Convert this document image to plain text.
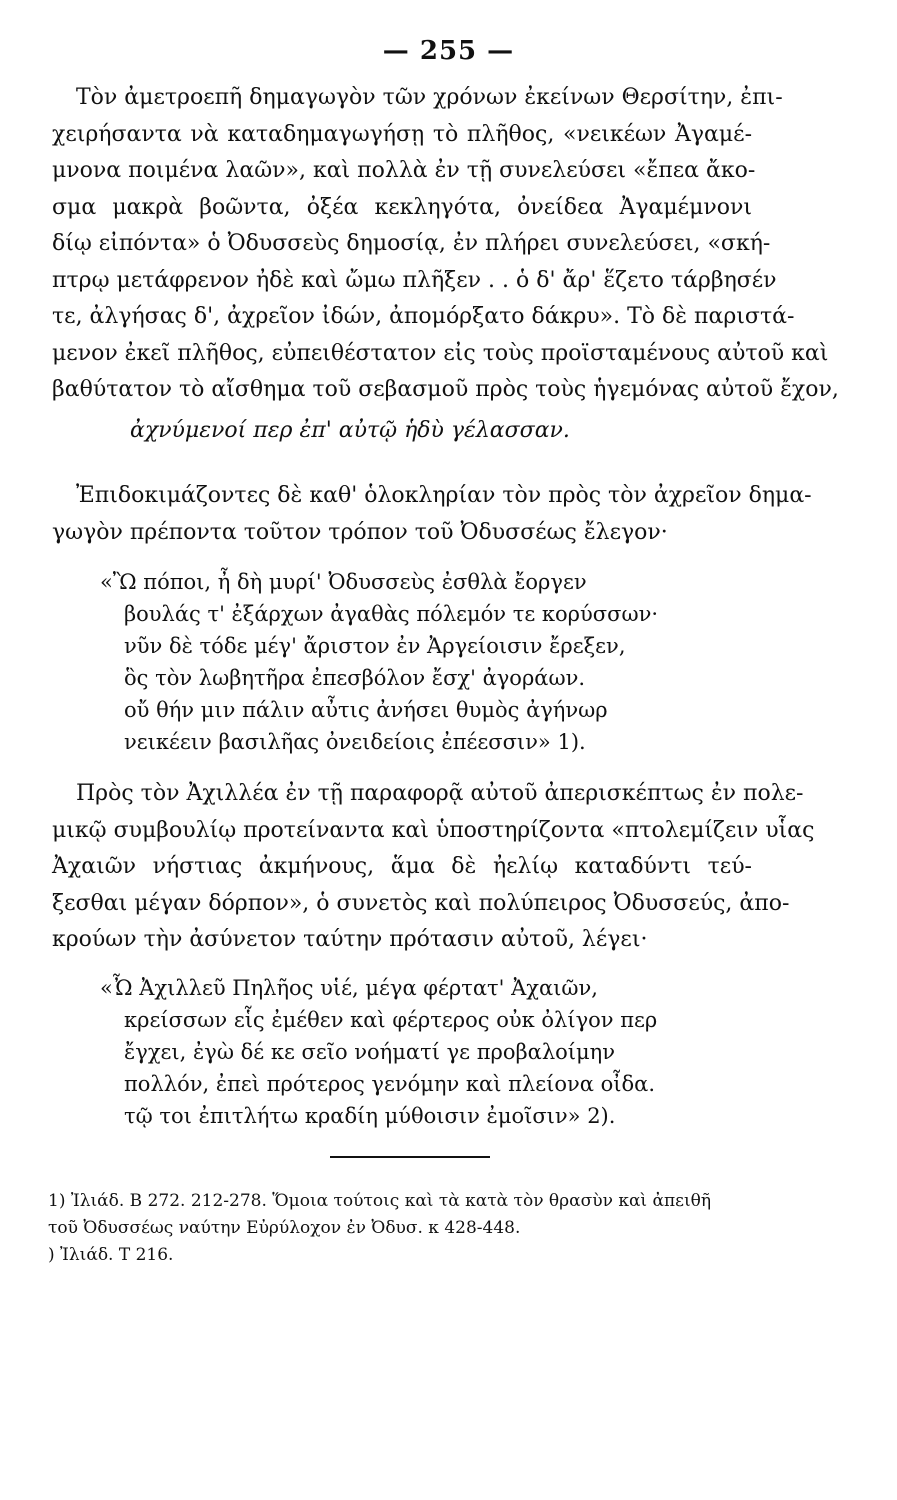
— 255 —
Τὸν ἀμετροεπῆ δημαγωγὸν τῶν χρόνων ἐκείνων Θερσίτην, ἐπι-
χειρήσαντα νὰ καταδημαγωγήσῃ τὸ πλῆθος, «νεικέων Ἀγαμέ-
μνονα ποιμένα λαῶν», καὶ πολλὰ ἐν τῇ συνελεύσει «ἔπεα ἄκο-
σμα μακρὰ βοῶντα, ὀξέα κεκληγότα, ὀνείδεα Ἀγαμέμνονι
δίῳ εἰπόντα» ὁ Ὀδυσσεὺς δημοσίᾳ, ἐν πλήρει συνελεύσει, «σκή-
πτρῳ μετάφρενον ἠδὲ καὶ ὤμω πλῆξεν . . ὁ δ' ἄρ' ἕζετο τάρβησέν
τε, ἀλγήσας δ', ἀχρεῖον ἰδών, ἀπομόρξατο δάκρυ». Τὸ δὲ παριστά-
μενον ἐκεῖ πλῆθος, εὐπειθέστατον εἰς τοὺς προϊσταμένους αὐτοῦ καὶ
βαθύτατον τὸ αἴσθημα τοῦ σεβασμοῦ πρὸς τοὺς ἡγεμόνας αὐτοῦ ἔχον,
ἀχνύμενοί περ ἐπ' αὐτῷ ἡδὺ γέλασσαν.
Ἐπιδοκιμάζοντες δὲ καθ' ὁλοκληρίαν τὸν πρὸς τὸν ἀχρεῖον δημα-
γωγὸν πρέποντα τοῦτον τρόπον τοῦ Ὀδυσσέως ἔλεγον·
«Ὢ πόποι, ἦ δὴ μυρί' Ὀδυσσεὺς ἐσθλὰ ἔοργεν
βουλάς τ' ἐξάρχων ἀγαθὰς πόλεμόν τε κορύσσων·
νῦν δὲ τόδε μέγ' ἄριστον ἐν Ἀργείοισιν ἔρεξεν,
ὃς τὸν λωβητῆρα ἐπεσβόλον ἔσχ' ἀγοράων.
οὔ θήν μιν πάλιν αὖτις ἀνήσει θυμὸς ἀγήνωρ
νεικέειν βασιλῆας ὀνειδείοις ἐπέεσσιν» 1).
Πρὸς τὸν Ἀχιλλέα ἐν τῇ παραφορᾷ αὐτοῦ ἀπερισκέπτως ἐν πολε-
μικῷ συμβουλίῳ προτείναντα καὶ ὑποστηρίζοντα «πτολεμίζειν υἷας
Ἀχαιῶν νήστιας ἀκμήνους, ἅμα δὲ ἠελίῳ καταδύντι τεύ-
ξεσθαι μέγαν δόρπον», ὁ συνετὸς καὶ πολύπειρος Ὀδυσσεύς, ἀπο-
κρούων τὴν ἀσύνετον ταύτην πρότασιν αὐτοῦ, λέγει·
«Ὦ Ἀχιλλεῦ Πηλῆος υἱέ, μέγα φέρτατ' Ἀχαιῶν,
κρείσσων εἷς ἐμέθεν καὶ φέρτερος οὐκ ὀλίγον περ
ἔγχει, ἐγὼ δέ κε σεῖο νοήματί γε προβαλοίμην
πολλόν, ἐπεὶ πρότερος γενόμην καὶ πλείονα οἶδα.
τῷ τοι ἐπιτλήτω κραδίη μύθοισιν ἐμοῖσιν» 2).
1) Ἰλιάδ. Β 272. 212-278. Ὅμοια τούτοις καὶ τὰ κατὰ τὸν θρασὺν καὶ ἀπειθῆ
τοῦ Ὀδυσσέως ναύτην Εὐρύλοχον ἐν Ὀδυσ. κ 428-448.
) Ἰλιάδ. Τ 216.
